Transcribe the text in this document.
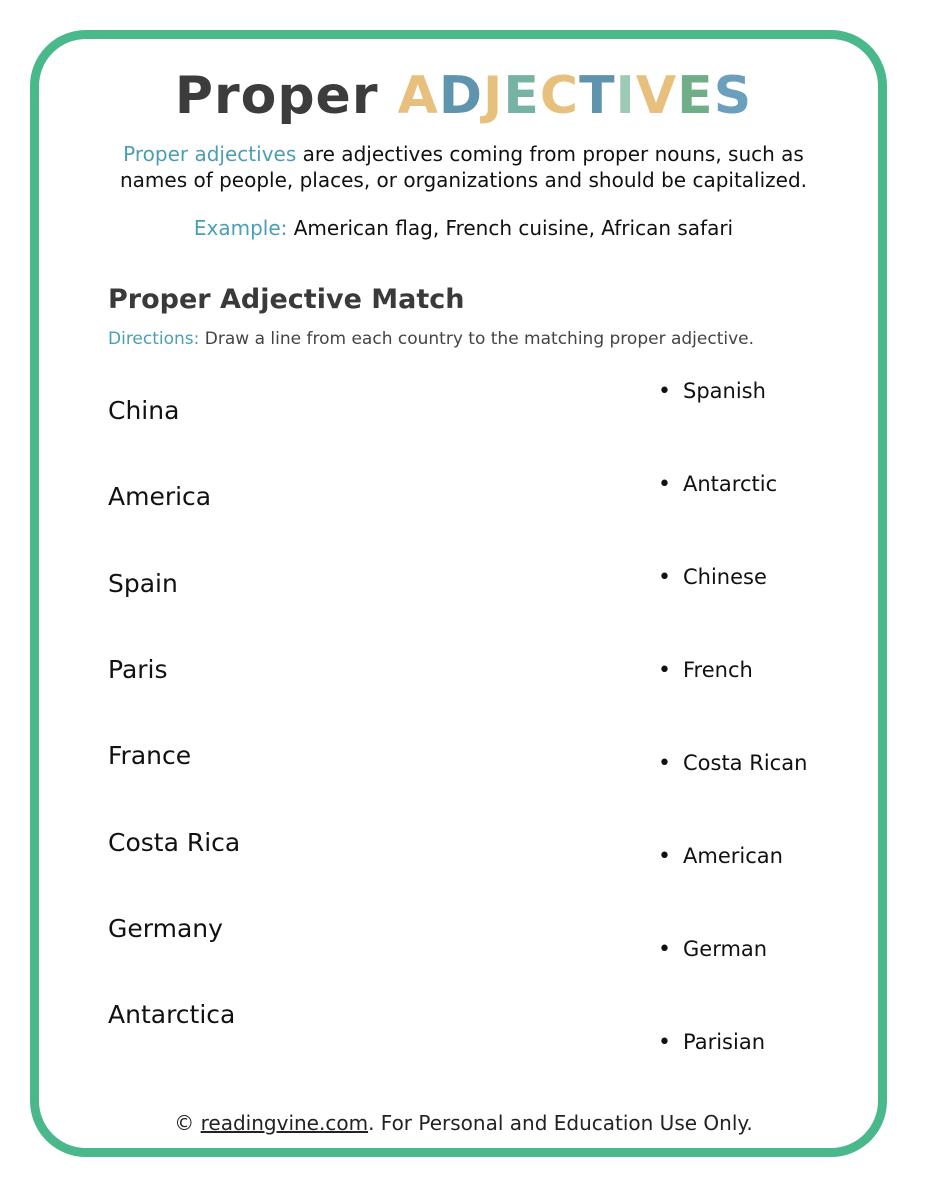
Proper ADJECTIVES
Proper adjectives are adjectives coming from proper nouns, such as
names of people, places, or organizations and should be capitalized.
Example: American flag, French cuisine, African safari
Proper Adjective Match
Directions: Draw a line from each country to the matching proper adjective.
China
America
Spain
Paris
France
Costa Rica
Germany
Antarctica
• Spanish
• Antarctic
• Chinese
• French
• Costa Rican
• American
• German
• Parisian
© readingvine.com. For Personal and Education Use Only.
